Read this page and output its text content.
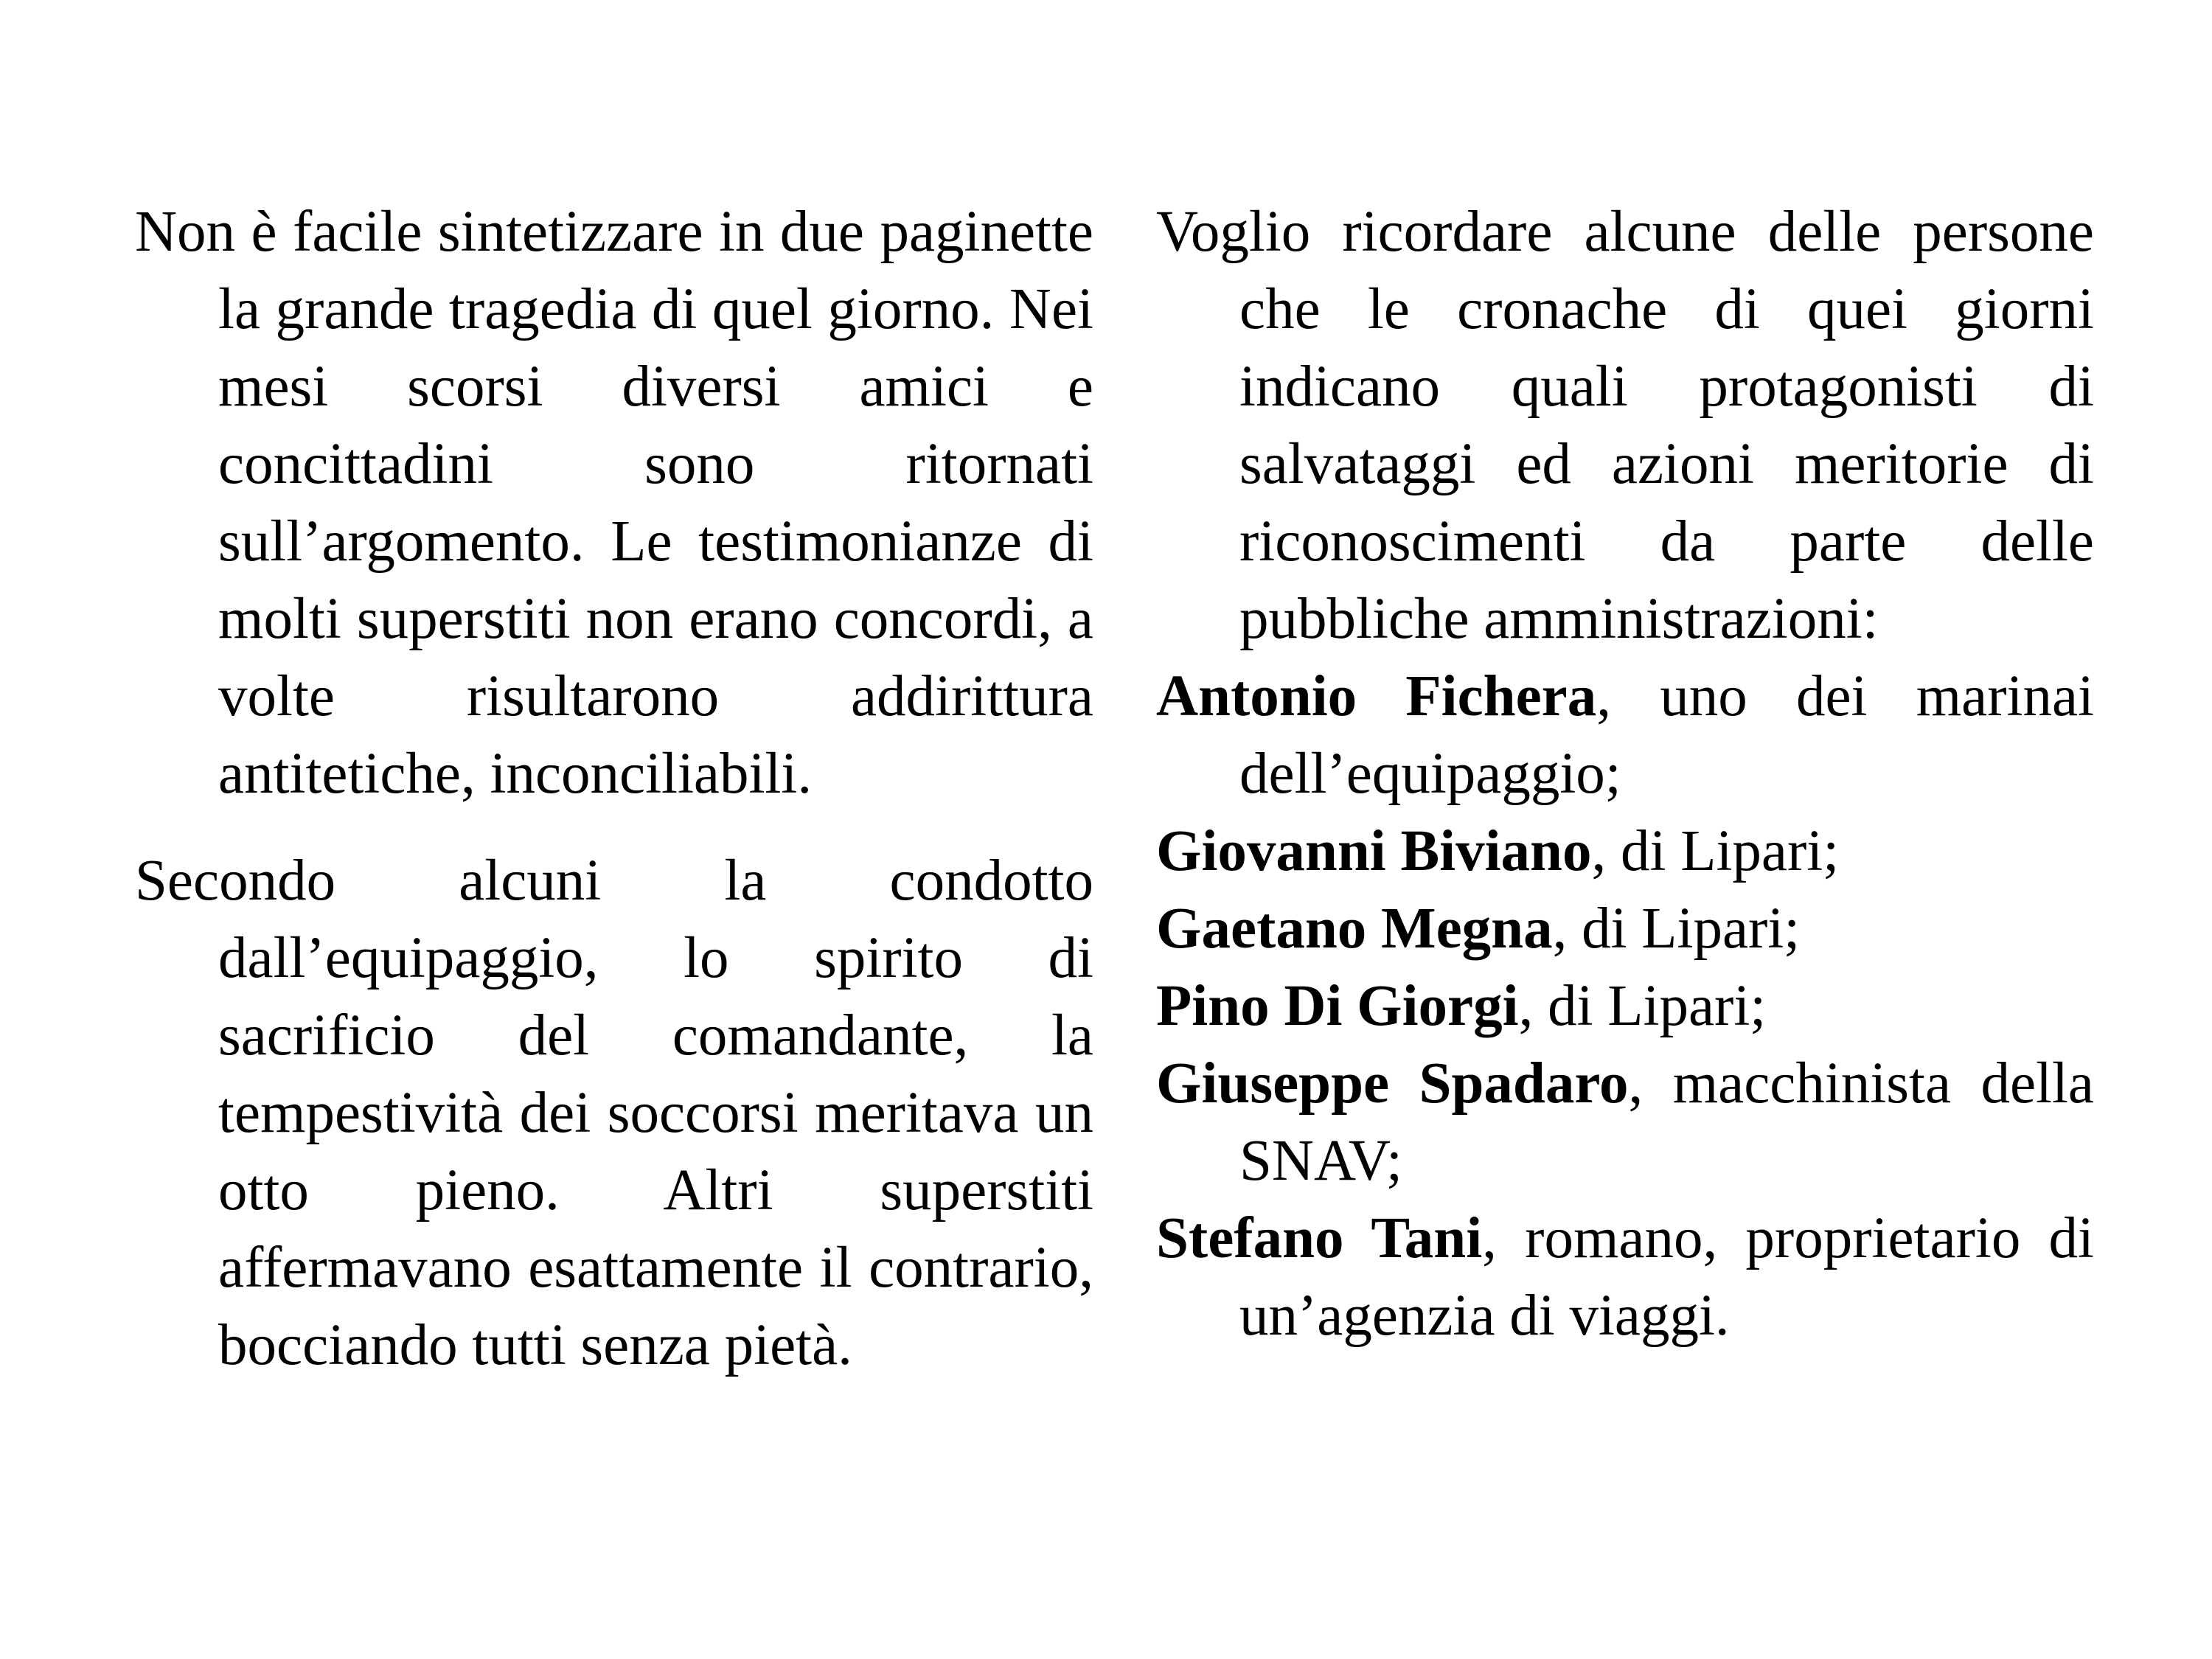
Non è facile sintetizzare in due paginette la grande tragedia di quel giorno. Nei mesi scorsi diversi amici e concittadini sono ritornati sull’argomento. Le testimonianze di molti superstiti non erano concordi, a volte risultarono addirittura antitetiche, inconciliabili.

Secondo alcuni la condotto dall’equipaggio, lo spirito di sacrificio del comandante, la tempestività dei soccorsi meritava un otto pieno. Altri superstiti affermavano esattamente il contrario, bocciando tutti senza pietà.

Voglio ricordare alcune delle persone che le cronache di quei giorni indicano quali protagonisti di salvataggi ed azioni meritorie di riconoscimenti da parte delle pubbliche amministrazioni:

Antonio Fichera, uno dei marinai dell’equipaggio;

Giovanni Biviano, di Lipari;

Gaetano Megna, di Lipari;

Pino Di Giorgi, di Lipari;

Giuseppe Spadaro, macchinista della SNAV;

Stefano Tani, romano, proprietario di un’agenzia di viaggi.
